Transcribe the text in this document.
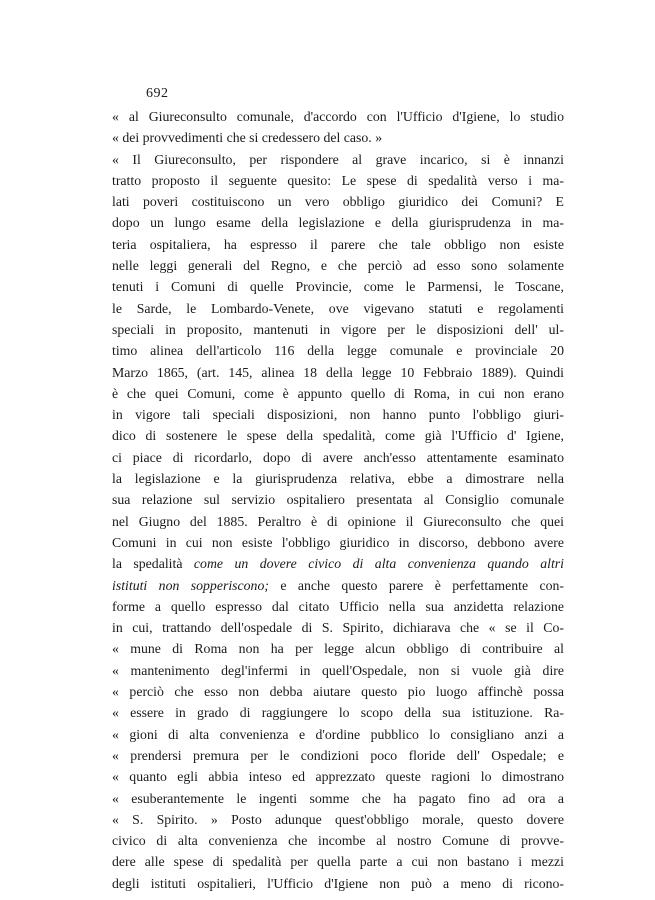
692
« al Giureconsulto comunale, d'accordo con l'Ufficio d'Igiene, lo studio
« dei provvedimenti che si credessero del caso. »
« Il Giureconsulto, per rispondere al grave incarico, si è innanzi
tratto proposto il seguente quesito: Le spese di spedalità verso i ma-
lati poveri costituiscono un vero obbligo giuridico dei Comuni? E
dopo un lungo esame della legislazione e della giurisprudenza in ma-
teria ospitaliera, ha espresso il parere che tale obbligo non esiste
nelle leggi generali del Regno, e che perciò ad esso sono solamente
tenuti i Comuni di quelle Provincie, come le Parmensi, le Toscane,
le Sarde, le Lombardo-Venete, ove vigevano statuti e regolamenti
speciali in proposito, mantenuti in vigore per le disposizioni dell' ul-
timo alinea dell'articolo 116 della legge comunale e provinciale 20
Marzo 1865, (art. 145, alinea 18 della legge 10 Febbraio 1889). Quindi
è che quei Comuni, come è appunto quello di Roma, in cui non erano
in vigore tali speciali disposizioni, non hanno punto l'obbligo giuri-
dico di sostenere le spese della spedalità, come già l'Ufficio d' Igiene,
ci piace di ricordarlo, dopo di avere anch'esso attentamente esaminato
la legislazione e la giurisprudenza relativa, ebbe a dimostrare nella
sua relazione sul servizio ospitaliero presentata al Consiglio comunale
nel Giugno del 1885. Peraltro è di opinione il Giureconsulto che quei
Comuni in cui non esiste l'obbligo giuridico in discorso, debbono avere
la spedalità come un dovere civico di alta convenienza quando altri
istituti non sopperiscono; e anche questo parere è perfettamente con-
forme a quello espresso dal citato Ufficio nella sua anzidetta relazione
in cui, trattando dell'ospedale di S. Spirito, dichiarava che « se il Co-
« mune di Roma non ha per legge alcun obbligo di contribuire al
« mantenimento degl'infermi in quell'Ospedale, non si vuole già dire
« perciò che esso non debba aiutare questo pio luogo affinchè possa
« essere in grado di raggiungere lo scopo della sua istituzione. Ra-
« gioni di alta convenienza e d'ordine pubblico lo consigliano anzi a
« prendersi premura per le condizioni poco floride dell' Ospedale; e
« quanto egli abbia inteso ed apprezzato queste ragioni lo dimostrano
« esuberantemente le ingenti somme che ha pagato fino ad ora a
« S. Spirito. » Posto adunque quest'obbligo morale, questo dovere
civico di alta convenienza che incombe al nostro Comune di provve-
dere alle spese di spedalità per quella parte a cui non bastano i mezzi
degli istituti ospitalieri, l'Ufficio d'Igiene non può a meno di ricono-
